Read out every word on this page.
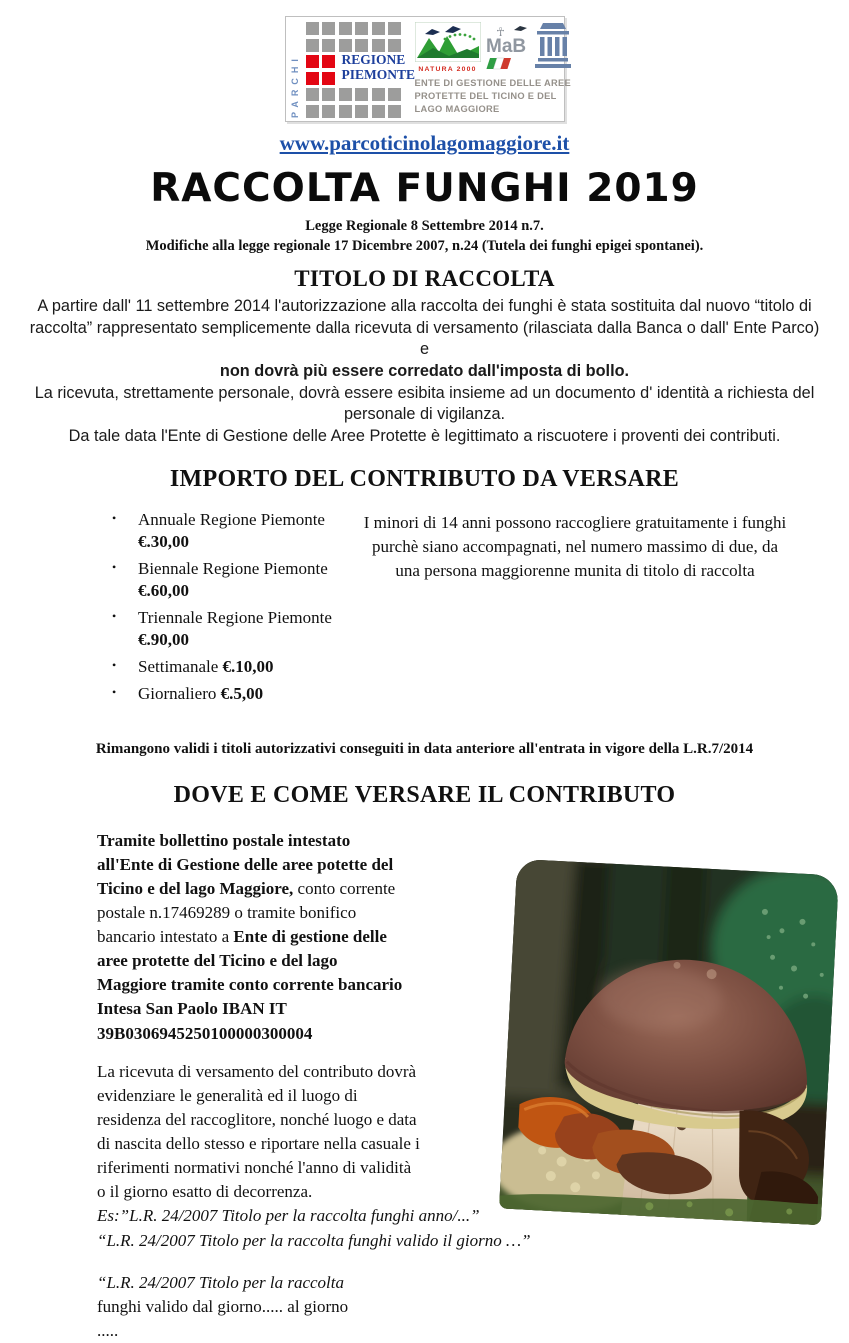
PARCHI	REGIONE
PIEMONTE NATURA 2000
☥
MaB
ENTE DI GESTIONE DELLE AREE
PROTETTE DEL TICINO E DEL
LAGO MAGGIORE
www.parcoticinolagomaggiore.it
RACCOLTA FUNGHI 2019
Legge Regionale 8 Settembre 2014 n.7.
Modifiche alla legge regionale 17 Dicembre 2007, n.24 (Tutela dei funghi epigei spontanei).
TITOLO DI RACCOLTA
A partire dall' 11 settembre 2014 l'autorizzazione alla raccolta dei funghi è stata sostituita dal nuovo “titolo di raccolta” rappresentato semplicemente dalla ricevuta di versamento (rilasciata dalla Banca o dall' Ente Parco) e
non dovrà più essere corredato dall'imposta di bollo.
La ricevuta, strettamente personale, dovrà essere esibita insieme ad un documento d' identità a richiesta del personale di vigilanza.
Da tale data l'Ente di Gestione delle Aree Protette è legittimato a riscuotere i proventi dei contributi.
IMPORTO DEL CONTRIBUTO DA VERSARE
•	Annuale Regione Piemonte
€.30,00
•	Biennale Regione Piemonte
€.60,00
•	Triennale Regione Piemonte
€.90,00
•	Settimanale €.10,00
•	Giornaliero €.5,00
I minori di 14 anni possono raccogliere gratuitamente i funghi purchè siano accompagnati, nel numero massimo di due, da una persona maggiorenne munita di titolo di raccolta
Rimangono validi i titoli autorizzativi conseguiti in data anteriore all'entrata in vigore della L.R.7/2014
DOVE E COME VERSARE IL CONTRIBUTO
Tramite bollettino postale intestato all'Ente di Gestione delle aree potette del Ticino e del lago Maggiore, conto corrente postale n.17469289 o tramite bonifico bancario intestato a Ente di gestione delle aree protette del Ticino e del lago Maggiore tramite conto corrente bancario Intesa San Paolo IBAN IT 39B0306945250100000300004
La ricevuta di versamento del contributo dovrà evidenziare le generalità ed il luogo di residenza del raccoglitore, nonché luogo e data di nascita dello stesso e riportare nella casuale i riferimenti normativi nonché l'anno di validità o il giorno esatto di decorrenza.
Es:”L.R. 24/2007 Titolo per la raccolta funghi anno/...”
“L.R. 24/2007 Titolo per la raccolta funghi valido il giorno …”
“L.R. 24/2007 Titolo per la raccolta
funghi valido dal giorno..... al giorno
.....
